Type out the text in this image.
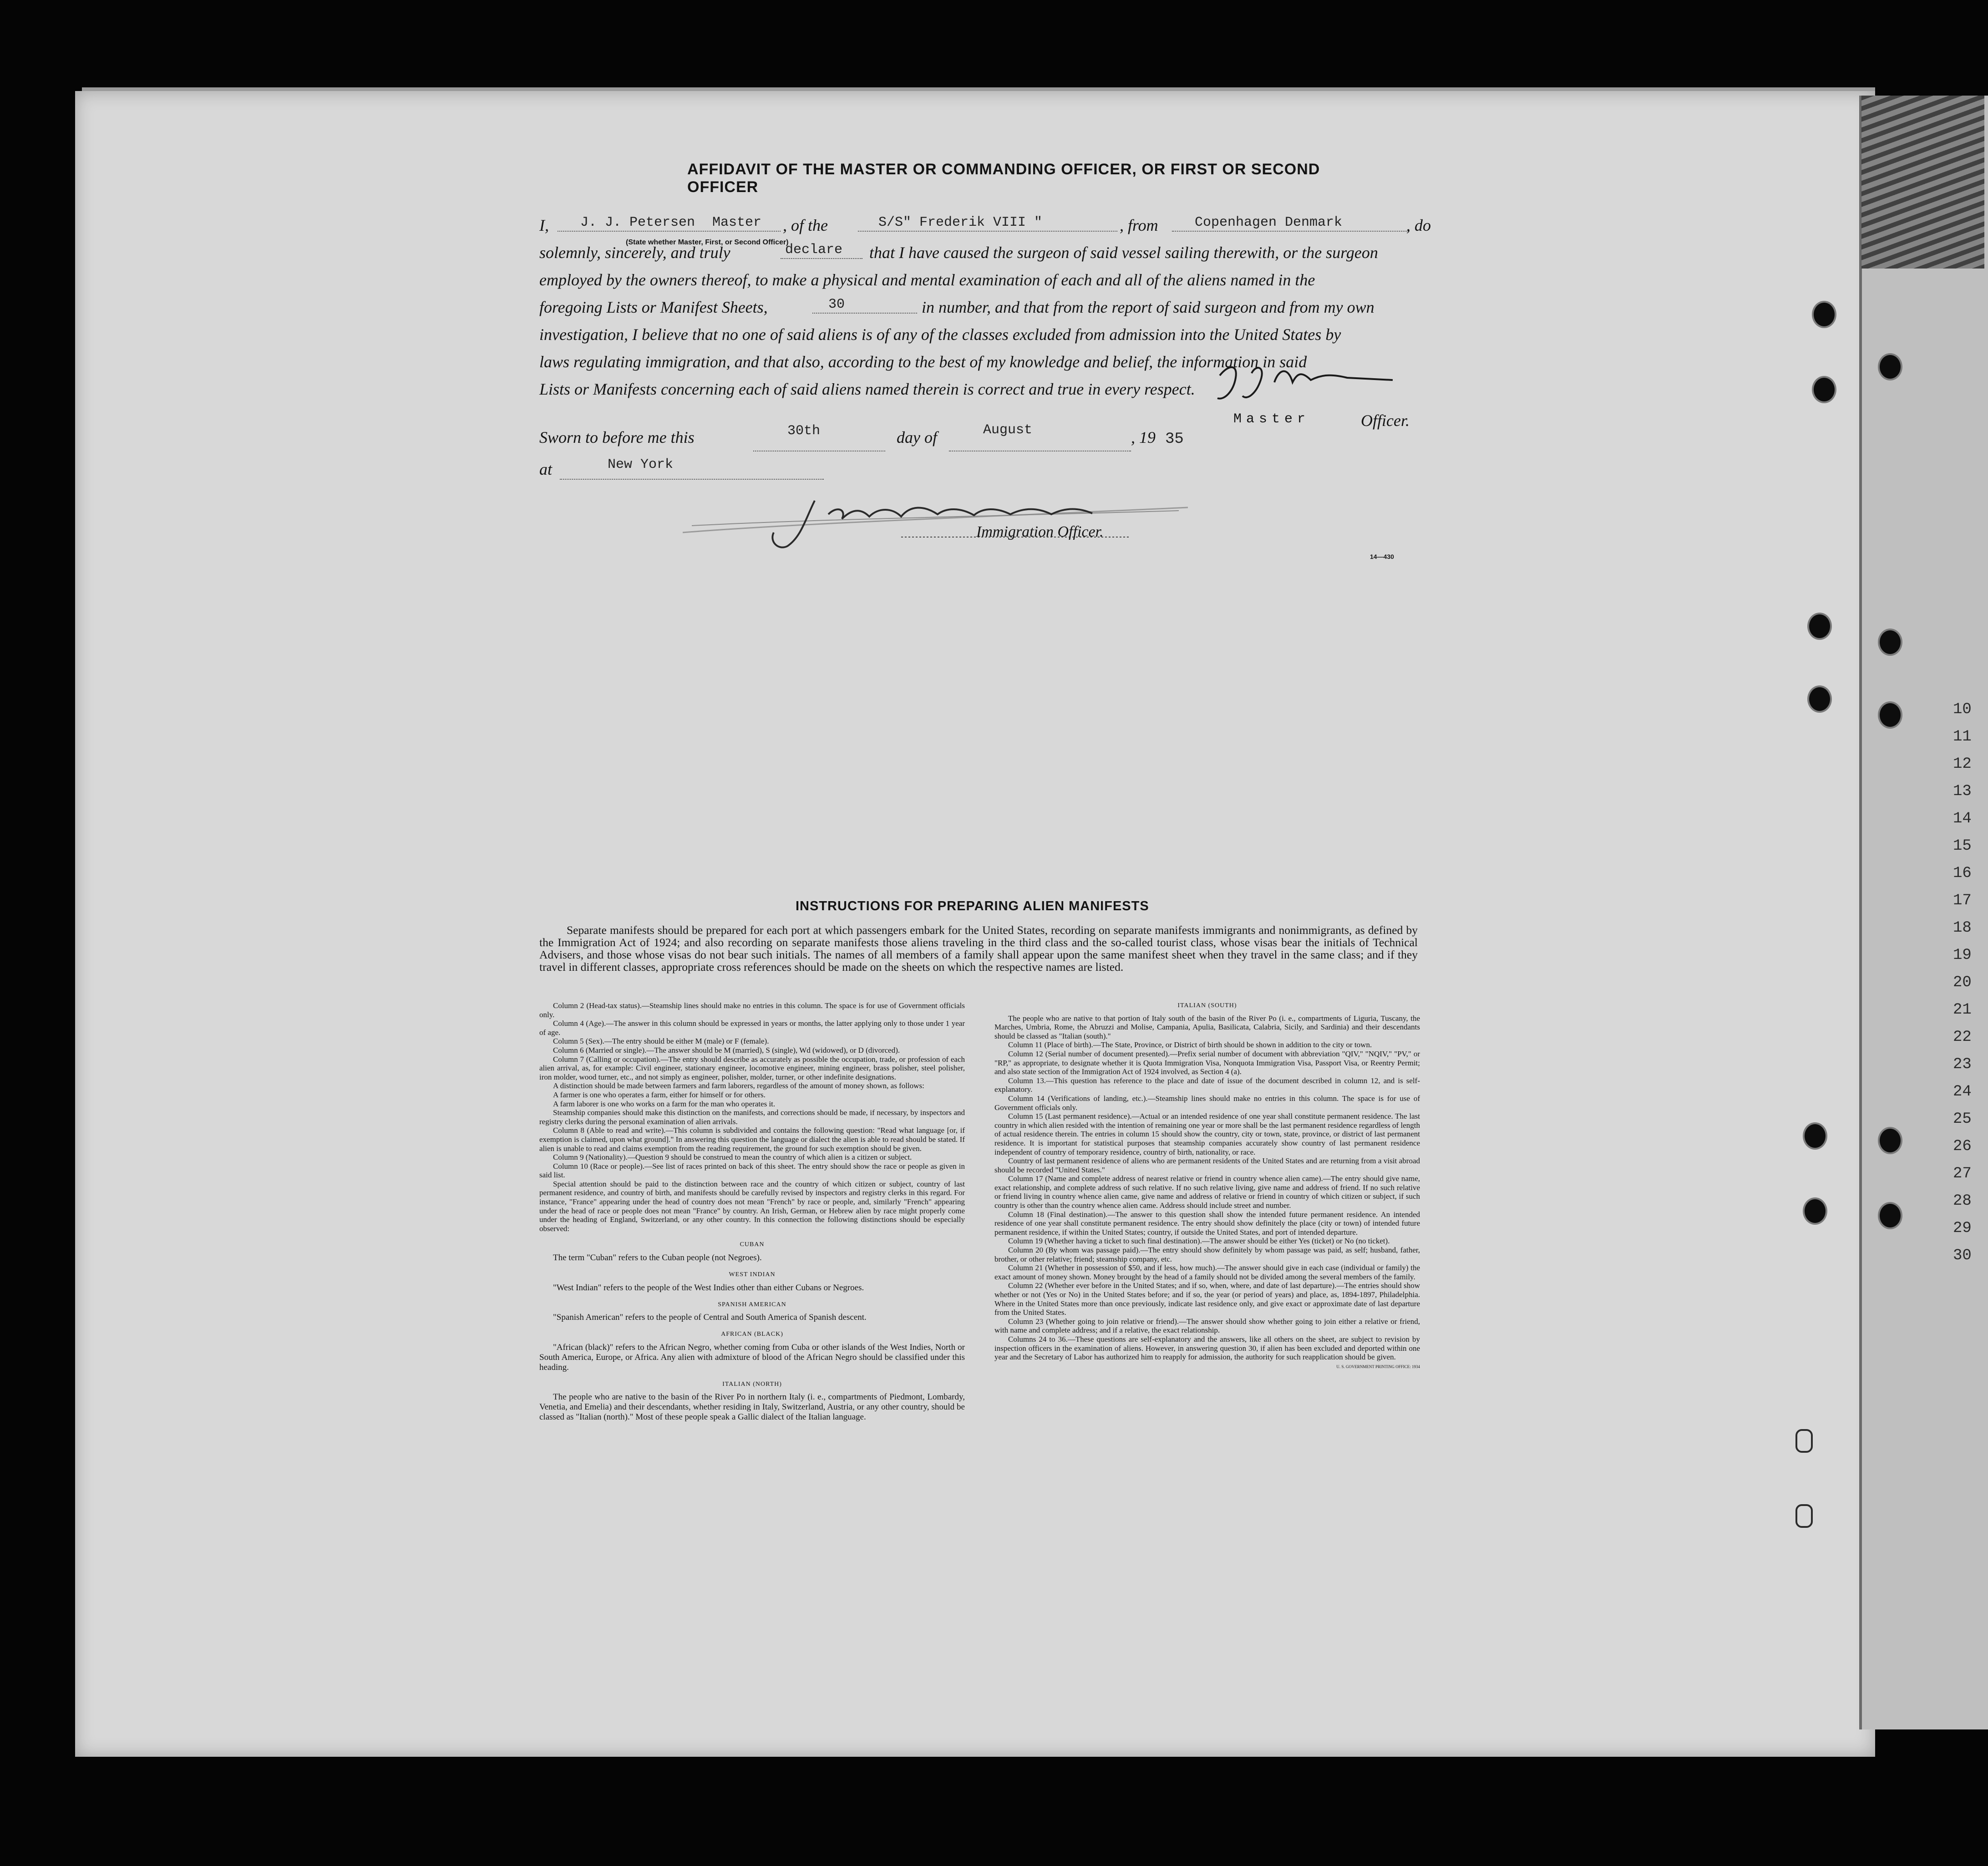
10
11
12
13
14
15
16
17
18
19
20
21
22
23
24
25
26
27
28
29
30
AFFIDAVIT OF THE MASTER OR COMMANDING OFFICER, OR FIRST OR SECOND OFFICER
I, J. J. Petersen Master , of the	S/S" Frederik VIII "	, from	Copenhagen Denmark	, do
(State whether Master, First, or Second Officer)
solemnly, sincerely, and truly	declare that I have caused the surgeon of said vessel sailing therewith, or the surgeon
employed by the owners thereof, to make a physical and mental examination of each and all of the aliens named in the
foregoing Lists or Manifest Sheets,	30	in number, and that from the report of said surgeon and from my own
investigation, I believe that no one of said aliens is of any of the classes excluded from admission into the United States by
laws regulating immigration, and that also, according to the best of my knowledge and belief, the information in said
Lists or Manifests concerning each of said aliens named therein is correct and true in every respect.
Master	Officer.
Sworn to before me this	30th	day of	August	, 19 35
at	New York
Immigration Officer.
14—430
INSTRUCTIONS FOR PREPARING ALIEN MANIFESTS
Separate manifests should be prepared for each port at which passengers embark for the United States, recording on separate manifests immigrants and nonimmigrants, as defined by the Immigration Act of 1924; and also recording on separate manifests those aliens traveling in the third class and the so-called tourist class, whose visas bear the initials of Technical Advisers, and those whose visas do not bear such initials. The names of all members of a family shall appear upon the same manifest sheet when they travel in the same class; and if they travel in different classes, appropriate cross references should be made on the sheets on which the respective names are listed.

Column 2 (Head-tax status).—Steamship lines should make no entries in this column. The space is for use of Government officials only.

Column 4 (Age).—The answer in this column should be expressed in years or months, the latter applying only to those under 1 year of age.

Column 5 (Sex).—The entry should be either M (male) or F (female).

Column 6 (Married or single).—The answer should be M (married), S (single), Wd (widowed), or D (divorced).

Column 7 (Calling or occupation).—The entry should describe as accurately as possible the occupation, trade, or profession of each alien arrival, as, for example: Civil engineer, stationary engineer, locomotive engineer, mining engineer, brass polisher, steel polisher, iron molder, wood turner, etc., and not simply as engineer, polisher, molder, turner, or other indefinite designations.

A distinction should be made between farmers and farm laborers, regardless of the amount of money shown, as follows:

A farmer is one who operates a farm, either for himself or for others.

A farm laborer is one who works on a farm for the man who operates it.

Steamship companies should make this distinction on the manifests, and corrections should be made, if necessary, by inspectors and registry clerks during the personal examination of alien arrivals.

Column 8 (Able to read and write).—This column is subdivided and contains the following question: "Read what language [or, if exemption is claimed, upon what ground]." In answering this question the language or dialect the alien is able to read should be stated. If alien is unable to read and claims exemption from the reading requirement, the ground for such exemption should be given.

Column 9 (Nationality).—Question 9 should be construed to mean the country of which alien is a citizen or subject.

Column 10 (Race or people).—See list of races printed on back of this sheet. The entry should show the race or people as given in said list.

Special attention should be paid to the distinction between race and the country of which citizen or subject, country of last permanent residence, and country of birth, and manifests should be carefully revised by inspectors and registry clerks in this regard. For instance, "France" appearing under the head of country does not mean "French" by race or people, and, similarly "French" appearing under the head of race or people does not mean "France" by country. An Irish, German, or Hebrew alien by race might properly come under the heading of England, Switzerland, or any other country. In this connection the following distinctions should be especially observed:

CUBAN

The term "Cuban" refers to the Cuban people (not Negroes).

WEST INDIAN

"West Indian" refers to the people of the West Indies other than either Cubans or Negroes.

SPANISH AMERICAN

"Spanish American" refers to the people of Central and South America of Spanish descent.

AFRICAN (BLACK)

"African (black)" refers to the African Negro, whether coming from Cuba or other islands of the West Indies, North or South America, Europe, or Africa. Any alien with admixture of blood of the African Negro should be classified under this heading.

ITALIAN (NORTH)

The people who are native to the basin of the River Po in northern Italy (i. e., compartments of Piedmont, Lombardy, Venetia, and Emelia) and their descendants, whether residing in Italy, Switzerland, Austria, or any other country, should be classed as "Italian (north)." Most of these people speak a Gallic dialect of the Italian language.

ITALIAN (SOUTH)

The people who are native to that portion of Italy south of the basin of the River Po (i. e., compartments of Liguria, Tuscany, the Marches, Umbria, Rome, the Abruzzi and Molise, Campania, Apulia, Basilicata, Calabria, Sicily, and Sardinia) and their descendants should be classed as "Italian (south)."

Column 11 (Place of birth).—The State, Province, or District of birth should be shown in addition to the city or town.

Column 12 (Serial number of document presented).—Prefix serial number of document with abbreviation "QIV," "NQIV," "PV," or "RP," as appropriate, to designate whether it is Quota Immigration Visa, Nonquota Immigration Visa, Passport Visa, or Reentry Permit; and also state section of the Immigration Act of 1924 involved, as Section 4 (a).

Column 13.—This question has reference to the place and date of issue of the document described in column 12, and is self-explanatory.

Column 14 (Verifications of landing, etc.).—Steamship lines should make no entries in this column. The space is for use of Government officials only.

Column 15 (Last permanent residence).—Actual or an intended residence of one year shall constitute permanent residence. The last country in which alien resided with the intention of remaining one year or more shall be the last permanent residence regardless of length of actual residence therein. The entries in column 15 should show the country, city or town, state, province, or district of last permanent residence. It is important for statistical purposes that steamship companies accurately show country of last permanent residence independent of country of temporary residence, country of birth, nationality, or race.

Country of last permanent residence of aliens who are permanent residents of the United States and are returning from a visit abroad should be recorded "United States."

Column 17 (Name and complete address of nearest relative or friend in country whence alien came).—The entry should give name, exact relationship, and complete address of such relative. If no such relative living, give name and address of friend. If no such relative or friend living in country whence alien came, give name and address of relative or friend in country of which citizen or subject, if such country is other than the country whence alien came. Address should include street and number.

Column 18 (Final destination).—The answer to this question shall show the intended future permanent residence. An intended residence of one year shall constitute permanent residence. The entry should show definitely the place (city or town) of intended future permanent residence, if within the United States; country, if outside the United States, and port of intended departure.

Column 19 (Whether having a ticket to such final destination).—The answer should be either Yes (ticket) or No (no ticket).

Column 20 (By whom was passage paid).—The entry should show definitely by whom passage was paid, as self; husband, father, brother, or other relative; friend; steamship company, etc.

Column 21 (Whether in possession of $50, and if less, how much).—The answer should give in each case (individual or family) the exact amount of money shown. Money brought by the head of a family should not be divided among the several members of the family.

Column 22 (Whether ever before in the United States; and if so, when, where, and date of last departure).—The entries should show whether or not (Yes or No) in the United States before; and if so, the year (or period of years) and place, as, 1894-1897, Philadelphia. Where in the United States more than once previously, indicate last residence only, and give exact or approximate date of last departure from the United States.

Column 23 (Whether going to join relative or friend).—The answer should show whether going to join either a relative or friend, with name and complete address; and if a relative, the exact relationship.

Columns 24 to 36.—These questions are self-explanatory and the answers, like all others on the sheet, are subject to revision by inspection officers in the examination of aliens. However, in answering question 30, if alien has been excluded and deported within one year and the Secretary of Labor has authorized him to reapply for admission, the authority for such reapplication should be given.

U. S. GOVERNMENT PRINTING OFFICE: 1934
